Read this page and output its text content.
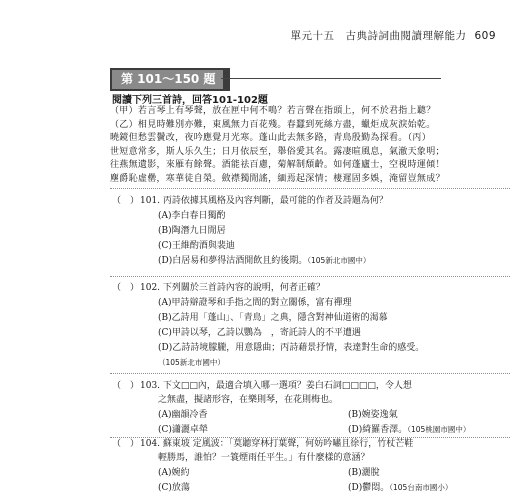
單元十五　古典詩詞曲閱讀理解能力 609
第 101～150 題
閱讀下列三首詩，回答101-102題

（甲）若言琴上有琴聲，放在匣中何不鳴？若言聲在指頭上，何不於君指上聽？

（乙）相見時難別亦難，東風無力百花殘。春蠶到死絲方盡，蠟炬成灰淚始乾。

曉鏡但愁雲鬢改，夜吟應覺月光寒。蓬山此去無多路，青鳥殷勤為探看。（丙）

世短意常多，斯人乐久生；日月依辰至，舉俗愛其名。露凄暄風息，氣澈天象明；

往燕無遺影，來雁有餘聲。酒能祛百慮，菊解制頹齡。如何蓬廬士，空視時運傾！

塵爵恥虛罍，寒華徒自榮。斂襟獨閒謠，緬焉起深情；棲遲固多娛，淹留豈無成？

（　） 101. 丙詩依據其風格及內容判斷，最可能的作者及詩題為何？
(A)李白春日獨酌
(B)陶潛九日閒居
(C)王維酌酒與裴迪
(D)白居易和夢得沽酒閒飲且約後期。（105新北市國中）
（　） 102. 下列關於三首詩內容的說明，何者正確？
(A)甲詩辯證琴和手指之間的對立關係，富有禪理
(B)乙詩用「蓬山」、「青鳥」之典，隱含對神仙道術的渴慕
(C)甲詩以琴，乙詩以鸚為　，寄託詩人的不平遭遇
(D)乙詩詩境朦朧，用意隱曲；丙詩藉景抒情，表達對生命的感受。
（105新北市國中）
（　） 103. 下文□□內，最適合填入哪一選項？姜白石詞□□□□，令人想
之無盡，擬諸形容，在樂則琴，在花則梅也。
(A)幽韻冷香	(B)婉姿逸氣
(C)瀟灑卓犖	(D)綺羅香澤。（105桃園市國中）
（　） 104. 蘇東坡 定風波：「莫聽穿林打葉聲，何妨吟嘯且徐行，竹杖芒鞋
輕勝馬，誰怕？一簑煙雨任平生。」有什麼樣的意涵？
(A)婉約	(B)灑脫
(C)放蕩	(D)鬱悶。（105台南市國小）
